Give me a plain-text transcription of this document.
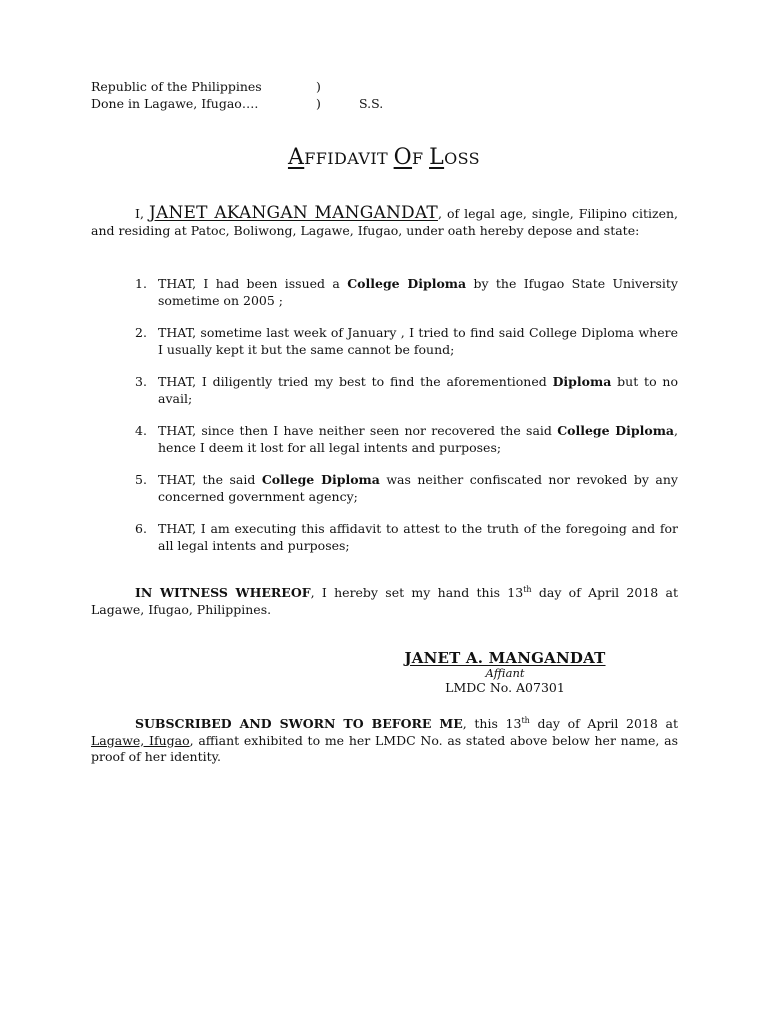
Republic of the Philippines	)
Done in Lagawe, Ifugao….	)	S.S.
AFFIDAVIT OF LOSS
I, JANET AKANGAN MANGANDAT, of legal age, single, Filipino citizen, and residing at Patoc, Boliwong, Lagawe, Ifugao, under oath hereby depose and state:
1. THAT, I had been issued a College Diploma by the Ifugao State University sometime on 2005 ;
2. THAT, sometime last week of January , I tried to find said College Diploma where I usually kept it but the same cannot be found;
3. THAT, I diligently tried my best to find the aforementioned Diploma but to no avail;
4. THAT, since then I have neither seen nor recovered the said College Diploma, hence I deem it lost for all legal intents and purposes;
5. THAT, the said College Diploma was neither confiscated nor revoked by any concerned government agency;
6. THAT, I am executing this affidavit to attest to the truth of the foregoing and for all legal intents and purposes;
IN WITNESS WHEREOF, I hereby set my hand this 13th day of April 2018 at Lagawe, Ifugao, Philippines.
JANET A. MANGANDAT
Affiant
LMDC No. A07301
SUBSCRIBED AND SWORN TO BEFORE ME, this 13th day of April 2018 at Lagawe, Ifugao, affiant exhibited to me her LMDC No. as stated above below her name, as proof of her identity.
